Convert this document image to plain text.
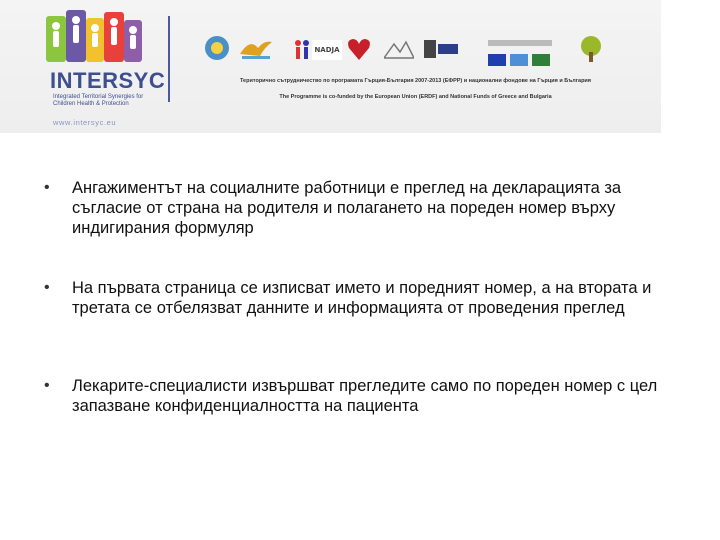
INTERSYC
Integrated Territorial Synergies for Children Health & Protection
www.intersyc.eu
NADJA
Територично сътрудничество по програмата Гърция-България 2007-2013 (ЕФРР) и национални фондове на Гърция и България
The Programme is co-funded by the European Union (ERDF) and National Funds of Greece and Bulgaria
• Ангажиментът на социалните работници е преглед на декларацията за съгласие от страна на родителя и полагането на пореден номер върху индигирания формуляр
• На първата страница се изписват името и поредният номер, а на втората и третата се отбелязват данните и информацията от проведения преглед
• Лекарите-специалисти извършват прегледите само по пореден номер с цел запазване конфиденциалността на пациента
